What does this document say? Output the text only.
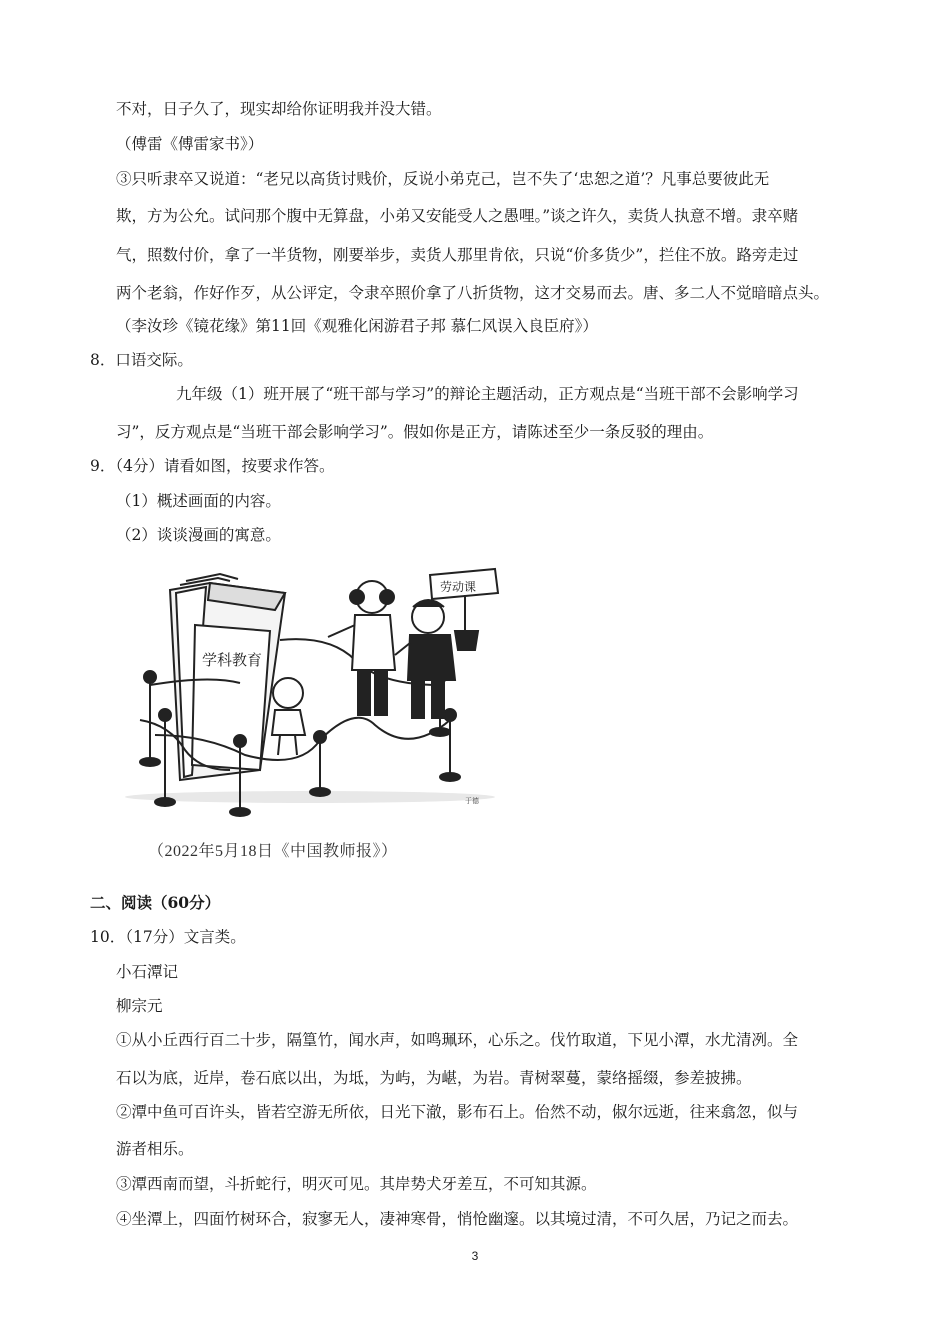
不对，日子久了，现实却给你证明我并没大错。
（傅雷《傅雷家书》）
③只听隶卒又说道：“老兄以高货讨贱价，反说小弟克己，岂不失了‘忠恕之道’？凡事总要彼此无
欺，方为公允。试问那个腹中无算盘，小弟又安能受人之愚哩。”谈之许久，卖货人执意不增。隶卒赌
气，照数付价，拿了一半货物，刚要举步，卖货人那里肯依，只说“价多货少”，拦住不放。路旁走过
两个老翁，作好作歹，从公评定，令隶卒照价拿了八折货物，这才交易而去。唐、多二人不觉暗暗点头。
（李汝珍《镜花缘》第11回《观雅化闲游君子邦 慕仁风误入良臣府》）
8．口语交际。
九年级（1）班开展了“班干部与学习”的辩论主题活动，正方观点是“当班干部不会影响学习
习”，反方观点是“当班干部会影响学习”。假如你是正方，请陈述至少一条反驳的理由。
9．（4分）请看如图，按要求作答。
（1）概述画面的内容。
（2）谈谈漫画的寓意。
学科教育
劳动课
于德
（2022年5月18日《中国教师报》）
二、阅读（60分）
10．（17分）文言类。
小石潭记
柳宗元
①从小丘西行百二十步，隔篁竹，闻水声，如鸣珮环，心乐之。伐竹取道，下见小潭，水尤清冽。全
石以为底，近岸，卷石底以出，为坻，为屿，为嵁，为岩。青树翠蔓，蒙络摇缀，参差披拂。
②潭中鱼可百许头，皆若空游无所依，日光下澈，影布石上。佁然不动，俶尔远逝，往来翕忽，似与
游者相乐。
③潭西南而望，斗折蛇行，明灭可见。其岸势犬牙差互，不可知其源。
④坐潭上，四面竹树环合，寂寥无人，凄神寒骨，悄怆幽邃。以其境过清，不可久居，乃记之而去。
3
